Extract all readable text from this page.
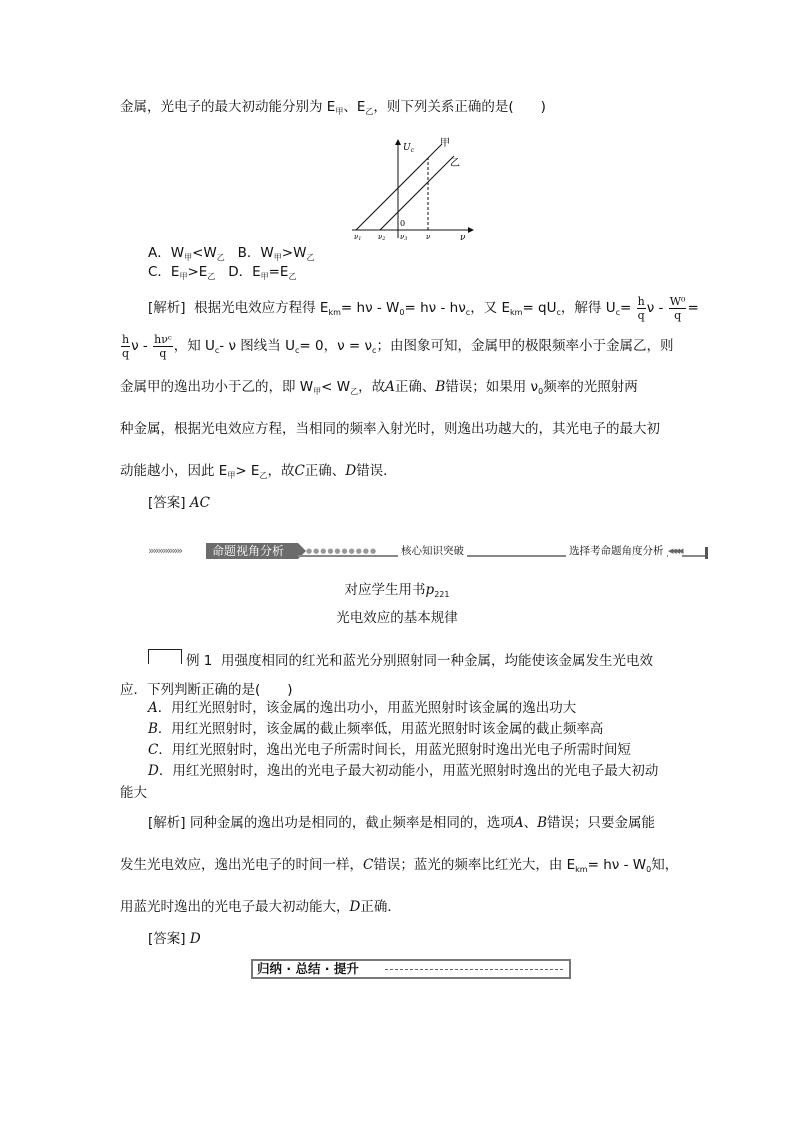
金属，光电子的最大初动能分别为 $E_甲$、$E_乙$，则下列关系正确的是(　　)
$U_c$
甲
乙
0
ν
ν1 ν2 ν3	ν
A．$W_甲<W_乙$ B．$W_甲>W_乙$
C．$E_甲>E_乙$ D．$E_甲=E_乙$
[解析] 根据光电效应方程得 $E_{km}= h\nu - W_0= h\nu - h\nu_c$，又 $E_{km}= qU_c$，解得 $U_c= \frac{h}{q}$ ν - $\frac{\text{W⁰}}{q}$ =
$\frac{h}{q}$ ν - $\frac{\text{hνᶜ}}{q}$ ，知 $U_c-$ ν 图线当 $U_c= 0$，$\nu = \nu_c$；由图象可知，金属甲的极限频率小于金属乙，则
金属甲的逸出功小于乙的，即 $W_甲< W_乙$，故A正确、B错误；如果用 $\nu_0$频率的光照射两
种金属，根据光电效应方程，当相同的频率入射光时，则逸出功越大的，其光电子的最大初
动能越小，因此 $E_甲> E_乙$，故C正确、D错误．
[答案] AC
»»»»»»»	命题视角分析	●●●●●●●●●● 核心知识突破	选择考命题角度分析 ◀◀◀◀
对应学生用书$p_{221}$
光电效应的基本规律
例 1 用强度相同的红光和蓝光分别照射同一种金属，均能使该金属发生光电效
应．下列判断正确的是(　　)
A．用红光照射时，该金属的逸出功小，用蓝光照射时该金属的逸出功大
B．用红光照射时，该金属的截止频率低，用蓝光照射时该金属的截止频率高
C．用红光照射时，逸出光电子所需时间长，用蓝光照射时逸出光电子所需时间短
D．用红光照射时，逸出的光电子最大初动能小，用蓝光照射时逸出的光电子最大初动
能大
[解析] 同种金属的逸出功是相同的，截止频率是相同的，选项A、B错误；只要金属能
发生光电效应，逸出光电子的时间一样，C错误；蓝光的频率比红光大，由 $E_{km}= h\nu - W_0$知，
用蓝光时逸出的光电子最大初动能大，D正确．
[答案] D
归纳 · 总结 · 提升
